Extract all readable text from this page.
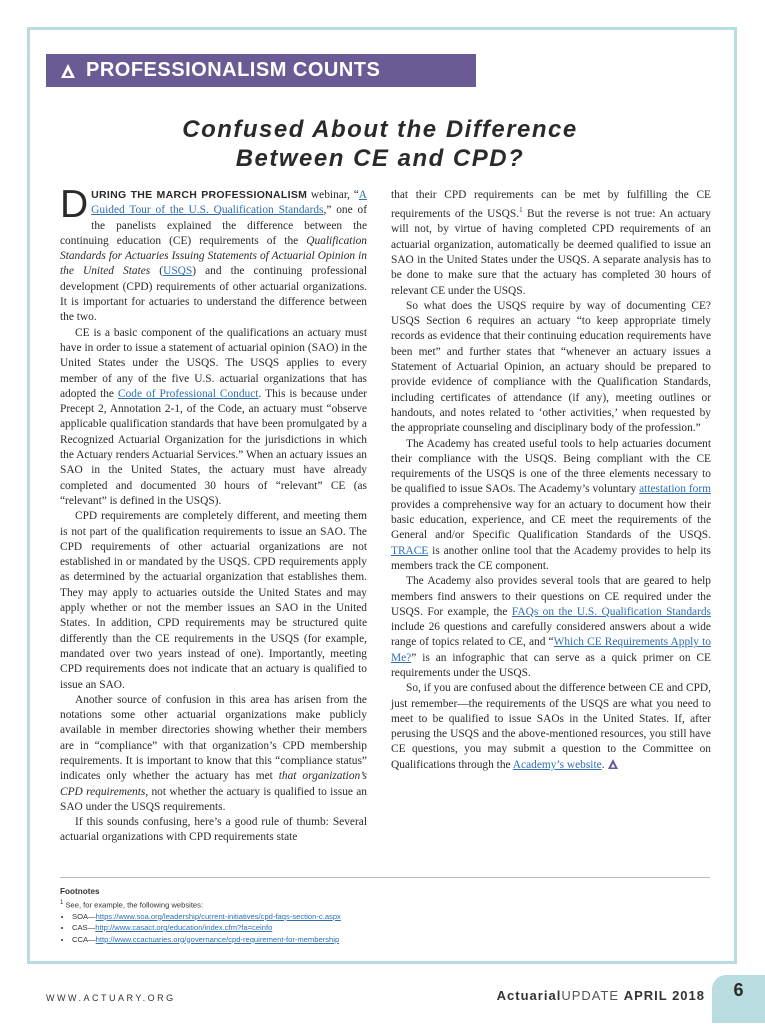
PROFESSIONALISM COUNTS
Confused About the Difference
Between CE and CPD?

DURING THE MARCH PROFESSIONALISM webinar, “A Guided Tour of the U.S. Qualification Standards,” one of the panelists explained the difference between the continuing education (CE) requirements of the Qualification Standards for Actuaries Issuing Statements of Actuarial Opinion in the United States (USQS) and the continuing professional development (CPD) requirements of other actuarial organizations. It is important for actuaries to understand the difference between the two.

CE is a basic component of the qualifications an actuary must have in order to issue a statement of actuarial opinion (SAO) in the United States under the USQS. The USQS applies to every member of any of the five U.S. actuarial organizations that has adopted the Code of Professional Conduct. This is because under Precept 2, Annotation 2-1, of the Code, an actuary must “observe applicable qualification standards that have been promulgated by a Recognized Actuarial Organization for the jurisdictions in which the Actuary renders Actuarial Services.” When an actuary issues an SAO in the United States, the actuary must have already completed and documented 30 hours of “relevant” CE (as “relevant” is defined in the USQS).

CPD requirements are completely different, and meeting them is not part of the qualification requirements to issue an SAO. The CPD requirements of other actuarial organizations are not established in or mandated by the USQS. CPD requirements apply as determined by the actuarial organization that establishes them. They may apply to actuaries outside the United States and may apply whether or not the member issues an SAO in the United States. In addition, CPD requirements may be structured quite differently than the CE requirements in the USQS (for example, mandated over two years instead of one). Importantly, meeting CPD requirements does not indicate that an actuary is qualified to issue an SAO.

Another source of confusion in this area has arisen from the notations some other actuarial organizations make publicly available in member directories showing whether their members are in “compliance” with that organization’s CPD membership requirements. It is important to know that this “compliance status” indicates only whether the actuary has met that organization’s CPD requirements, not whether the actuary is qualified to issue an SAO under the USQS requirements.

If this sounds confusing, here’s a good rule of thumb: Several actuarial organizations with CPD requirements state

that their CPD requirements can be met by fulfilling the CE requirements of the USQS.$^1$ But the reverse is not true: An actuary will not, by virtue of having completed CPD requirements of an actuarial organization, automatically be deemed qualified to issue an SAO in the United States under the USQS. A separate analysis has to be done to make sure that the actuary has completed 30 hours of relevant CE under the USQS.

So what does the USQS require by way of documenting CE? USQS Section 6 requires an actuary “to keep appropriate timely records as evidence that their continuing education requirements have been met” and further states that “whenever an actuary issues a Statement of Actuarial Opinion, an actuary should be prepared to provide evidence of compliance with the Qualification Standards, including certificates of attendance (if any), meeting outlines or handouts, and notes related to ‘other activities,’ when requested by the appropriate counseling and disciplinary body of the profession.”

The Academy has created useful tools to help actuaries document their compliance with the USQS. Being compliant with the CE requirements of the USQS is one of the three elements necessary to be qualified to issue SAOs. The Academy’s voluntary attestation form provides a comprehensive way for an actuary to document how their basic education, experience, and CE meet the requirements of the General and/or Specific Qualification Standards of the USQS. TRACE is another online tool that the Academy provides to help its members track the CE component.

The Academy also provides several tools that are geared to help members find answers to their questions on CE required under the USQS. For example, the FAQs on the U.S. Qualification Standards include 26 questions and carefully considered answers about a wide range of topics related to CE, and “Which CE Requirements Apply to Me?” is an infographic that can serve as a quick primer on CE requirements under the USQS.

So, if you are confused about the difference between CE and CPD, just remember—the requirements of the USQS are what you need to meet to be qualified to issue SAOs in the United States. If, after perusing the USQS and the above-mentioned resources, you still have CE questions, you may submit a question to the Committee on Qualifications through the Academy’s website.

Footnotes
$^1$ See, for example, the following websites:
• SOA—https://www.soa.org/leadership/current-initiatives/cpd-faqs-section-c.aspx
• CAS—http://www.casact.org/education/index.cfm?fa=ceinfo
• CCA—http://www.ccactuaries.org/governance/cpd-requirement-for-membership
WWW.ACTUARY.ORG	ActuarialUPDATE APRIL 2018	6
